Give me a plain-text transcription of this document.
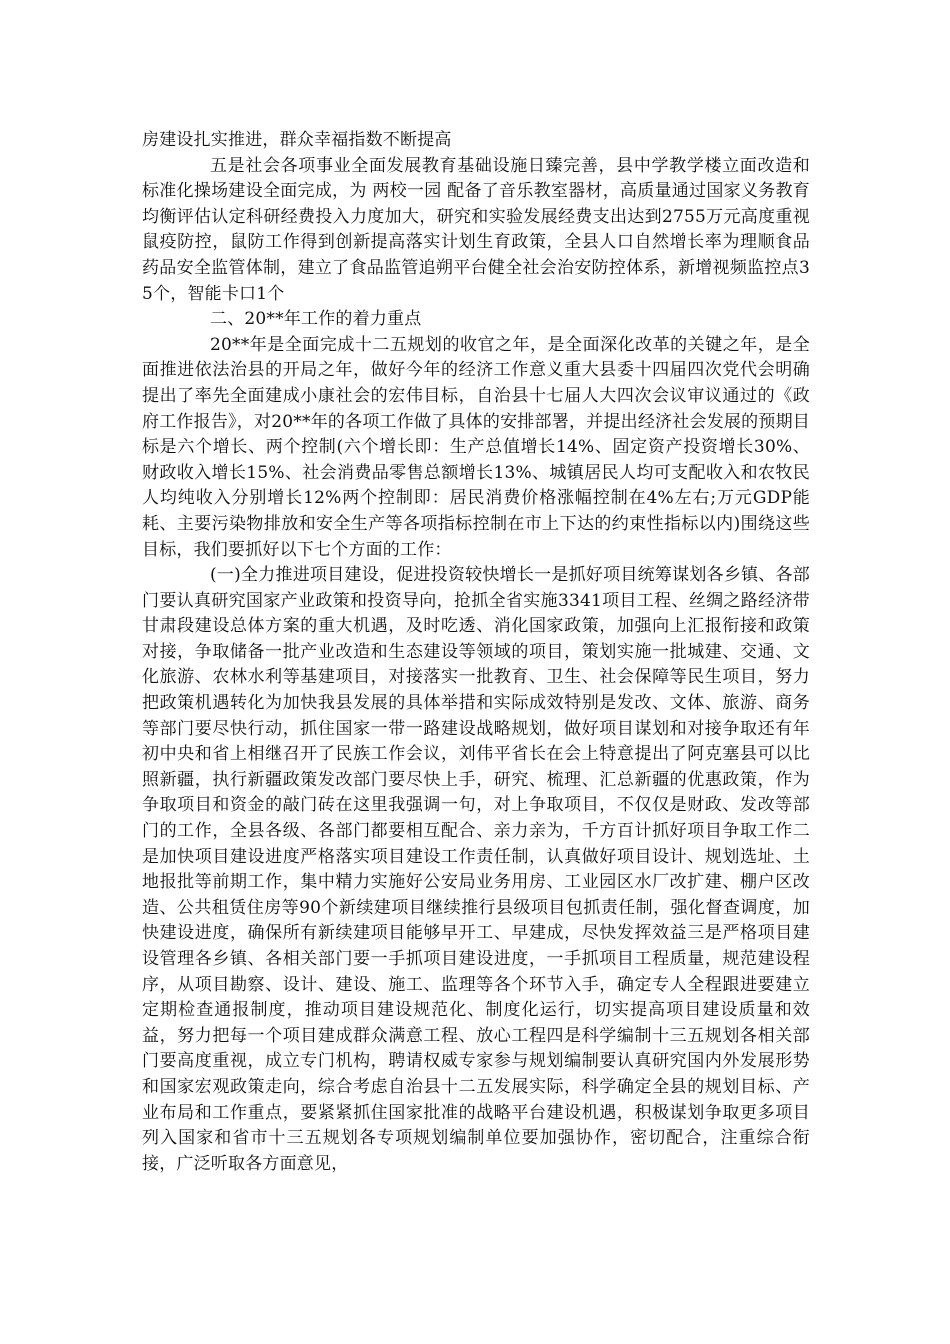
房建设扎实推进，群众幸福指数不断提高

五是社会各项事业全面发展教育基础设施日臻完善，县中学教学楼立面改造和标准化操场建设全面完成，为 两校一园 配备了音乐教室器材，高质量通过国家义务教育均衡评估认定科研经费投入力度加大，研究和实验发展经费支出达到2755万元高度重视鼠疫防控，鼠防工作得到创新提高落实计划生育政策，全县人口自然增长率为理顺食品药品安全监管体制，建立了食品监管追朔平台健全社会治安防控体系，新增视频监控点35个，智能卡口1个

二、20**年工作的着力重点

20**年是全面完成十二五规划的收官之年，是全面深化改革的关键之年，是全面推进依法治县的开局之年，做好今年的经济工作意义重大县委十四届四次党代会明确提出了率先全面建成小康社会的宏伟目标，自治县十七届人大四次会议审议通过的《政府工作报告》，对20**年的各项工作做了具体的安排部署，并提出经济社会发展的预期目标是六个增长、两个控制(六个增长即：生产总值增长14%、固定资产投资增长30%、财政收入增长15%、社会消费品零售总额增长13%、城镇居民人均可支配收入和农牧民人均纯收入分别增长12%两个控制即：居民消费价格涨幅控制在4%左右;万元GDP能耗、主要污染物排放和安全生产等各项指标控制在市上下达的约束性指标以内)围绕这些目标，我们要抓好以下七个方面的工作：

(一)全力推进项目建设，促进投资较快增长一是抓好项目统筹谋划各乡镇、各部门要认真研究国家产业政策和投资导向，抢抓全省实施3341项目工程、丝绸之路经济带甘肃段建设总体方案的重大机遇，及时吃透、消化国家政策，加强向上汇报衔接和政策对接，争取储备一批产业改造和生态建设等领域的项目，策划实施一批城建、交通、文化旅游、农林水利等基建项目，对接落实一批教育、卫生、社会保障等民生项目，努力把政策机遇转化为加快我县发展的具体举措和实际成效特别是发改、文体、旅游、商务等部门要尽快行动，抓住国家一带一路建设战略规划，做好项目谋划和对接争取还有年初中央和省上相继召开了民族工作会议，刘伟平省长在会上特意提出了阿克塞县可以比照新疆，执行新疆政策发改部门要尽快上手，研究、梳理、汇总新疆的优惠政策，作为争取项目和资金的敲门砖在这里我强调一句，对上争取项目，不仅仅是财政、发改等部门的工作，全县各级、各部门都要相互配合、亲力亲为，千方百计抓好项目争取工作二是加快项目建设进度严格落实项目建设工作责任制，认真做好项目设计、规划选址、土地报批等前期工作，集中精力实施好公安局业务用房、工业园区水厂改扩建、棚户区改造、公共租赁住房等90个新续建项目继续推行县级项目包抓责任制，强化督查调度，加快建设进度，确保所有新续建项目能够早开工、早建成，尽快发挥效益三是严格项目建设管理各乡镇、各相关部门要一手抓项目建设进度，一手抓项目工程质量，规范建设程序，从项目勘察、设计、建设、施工、监理等各个环节入手，确定专人全程跟进要建立定期检查通报制度，推动项目建设规范化、制度化运行，切实提高项目建设质量和效益，努力把每一个项目建成群众满意工程、放心工程四是科学编制十三五规划各相关部门要高度重视，成立专门机构，聘请权威专家参与规划编制要认真研究国内外发展形势和国家宏观政策走向，综合考虑自治县十二五发展实际，科学确定全县的规划目标、产业布局和工作重点，要紧紧抓住国家批准的战略平台建设机遇，积极谋划争取更多项目列入国家和省市十三五规划各专项规划编制单位要加强协作，密切配合，注重综合衔接，广泛听取各方面意见，
